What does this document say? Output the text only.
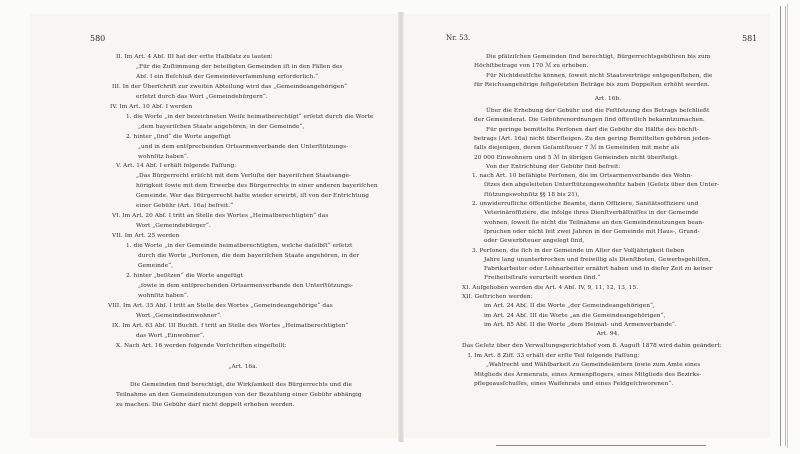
580	Nr. 53.	581
II. Im Art. 4 Abſ. III hat der erſte Halbſatz zu lauten:
„Für die Zuſtimmung der beteiligten Gemeinden iſt in den Fällen des
Abſ. I ein Beſchluß der Gemeindeverſammlung erforderlich.“
III. In der Überſchrift zur zweiten Abteilung wird das „Gemeindeangehörigen“
erſetzt durch das Wort „Gemeindebürgern“.
IV. Im Art. 10 Abſ. I werden
1. die Worte „in der bezeichneten Weiſe heimatberechtigt“ erſetzt durch die Worte
„dem bayeriſchen Staate angehören, in der Gemeinde“,
2. hinter „ſind“ die Worte angefügt
„und in dem entſprechenden Ortsarmenverbande den Unterſtützungs-
wohnſitz haben“.
V. Art. 14 Abſ. I erhält folgende Faſſung:
„Das Bürgerrecht erliſcht mit dem Verluſte der bayeriſchen Staatsange-
hörigkeit ſowie mit dem Erwerbe des Bürgerrechts in einer anderen bayeriſchen
Gemeinde. Wer das Bürgerrecht hatte wieder erwirbt, iſt von der Entrichtung
einer Gebühr (Art. 16a) befreit.“
VI. Im Art. 20 Abſ. I tritt an Stelle des Wortes „Heimatberechtigten“ das
Wort „Gemeindebürger“.
VII. Im Art. 25 werden
1. die Worte „in der Gemeinde heimatberechtigten, welche daſelbſt“ erſetzt
durch die Worte „Perſonen, die dem bayeriſchen Staate angehören, in der
Gemeinde“,
2. hinter „beſitzen“ die Worte angefügt
„ſowie in dem entſprechenden Ortsarmenverbande den Unterſtützungs-
wohnſitz haben“.
VIII. Im Art. 35 Abſ. I tritt an Stelle des Wortes „Gemeindeangehörige“ das
Wort „Gemeindeeinwohner“.
IX. Im Art. 63 Abſ. III Buchſt. f tritt an Stelle des Wortes „Heimatberechtigten“
das Wort „Einwohner“.
X. Nach Art. 16 werden folgende Vorſchriften eingeſtellt:
„Art. 16a.
Die Gemeinden ſind berechtigt, die Wirkſamkeit des Bürgerrechts und die
Teilnahme an den Gemeindenutzungen von der Bezahlung einer Gebühr abhängig
zu machen. Die Gebühr darf nicht doppelt erhoben werden.
Die pfälziſchen Gemeinden ſind berechtigt, Bürgerrechtsgebühren bis zum
Höchſtbetrage von 170 ℳ zu erheben.
Für Nichtdeutſche können, ſoweit nicht Staatsverträge entgegenſtehen, die
für Reichsangehörige feſtgeſetzten Beträge bis zum Doppelten erhöht werden.
Art. 16b.
Über die Erhebung der Gebühr und die Feſtſetzung des Betrags beſchließt
der Gemeinderat. Die Gebührenordnungen ſind öffentlich bekanntzumachen.
Für geringe bemittelte Perſonen darf die Gebühr die Hälfte des höchſt-
betrags (Art. 16a) nicht überſteigen. Zu den gering Bemittelten gehören jeden-
falls diejenigen, deren Geſamtſteuer 7 ℳ in Gemeinden mit mehr als
20 000 Einwohnern und 5 ℳ in übrigen Gemeinden nicht überſteigt.
Von der Entrichtung der Gebühr ſind befreit:
1. nach Art. 10 befähigte Perſonen, die im Ortsarmenverbande des Wohn-
ſitzes den abgeleiteten Unterſtützungswohnſitz haben (Geſetz über den Unter-
ſtützungswohnſitz §§ 18 bis 21),
2. unwiderrufliche öffentliche Beamte, dann Offiziere, Sanitätsoffiziere und
Veterinäroffiziere, die infolge ihres Dienſtverhältniſſes in der Gemeinde
wohnen, ſoweit ſie nicht die Teilnahme an den Gemeindenutzungen bean-
ſpruchen oder nicht ſeit zwei Jahren in der Gemeinde mit Haus-, Grund-
oder Gewerbſteuer angelegt ſind,
3. Perſonen, die ſich in der Gemeinde im Alter der Volljährigkeit ſieben
Jahre lang ununterbrochen und freiwillig als Dienſtboten, Gewerbsgehilfen,
Fabrikarbeiter oder Lohnarbeiter ernährt haben und in dieſer Zeit zu keiner
Freiheitsſtrafe verurteilt worden ſind.“
XI. Aufgehoben werden die Art. 4 Abſ. IV, 9, 11, 12, 13, 15.
XII. Geſtrichen werden:
im Art. 24 Abſ. II die Worte „der Gemeindeangehörigen“,
im Art. 24 Abſ. III die Worte „an die Gemeindeangehörigen“,
im Art. 85 Abſ. II die Worte „dem Heimat- und Armenverbande“.
Art. 94.
Das Geſetz über den Verwaltungsgerichtshof vom 8. Auguſt 1878 wird dahin geändert:
I. Im Art. 8 Ziff. 33 erhält der erſte Teil folgende Faſſung:
„Wahlrecht und Wählbarkeit zu Gemeindeämtern ſowie zum Amte eines
Mitglieds des Armenrats, eines Armenpflegers, eines Mitglieds des Bezirks-
pflegeausſchuſſes, eines Waiſenrats und eines Feldgeſchworenen“.
